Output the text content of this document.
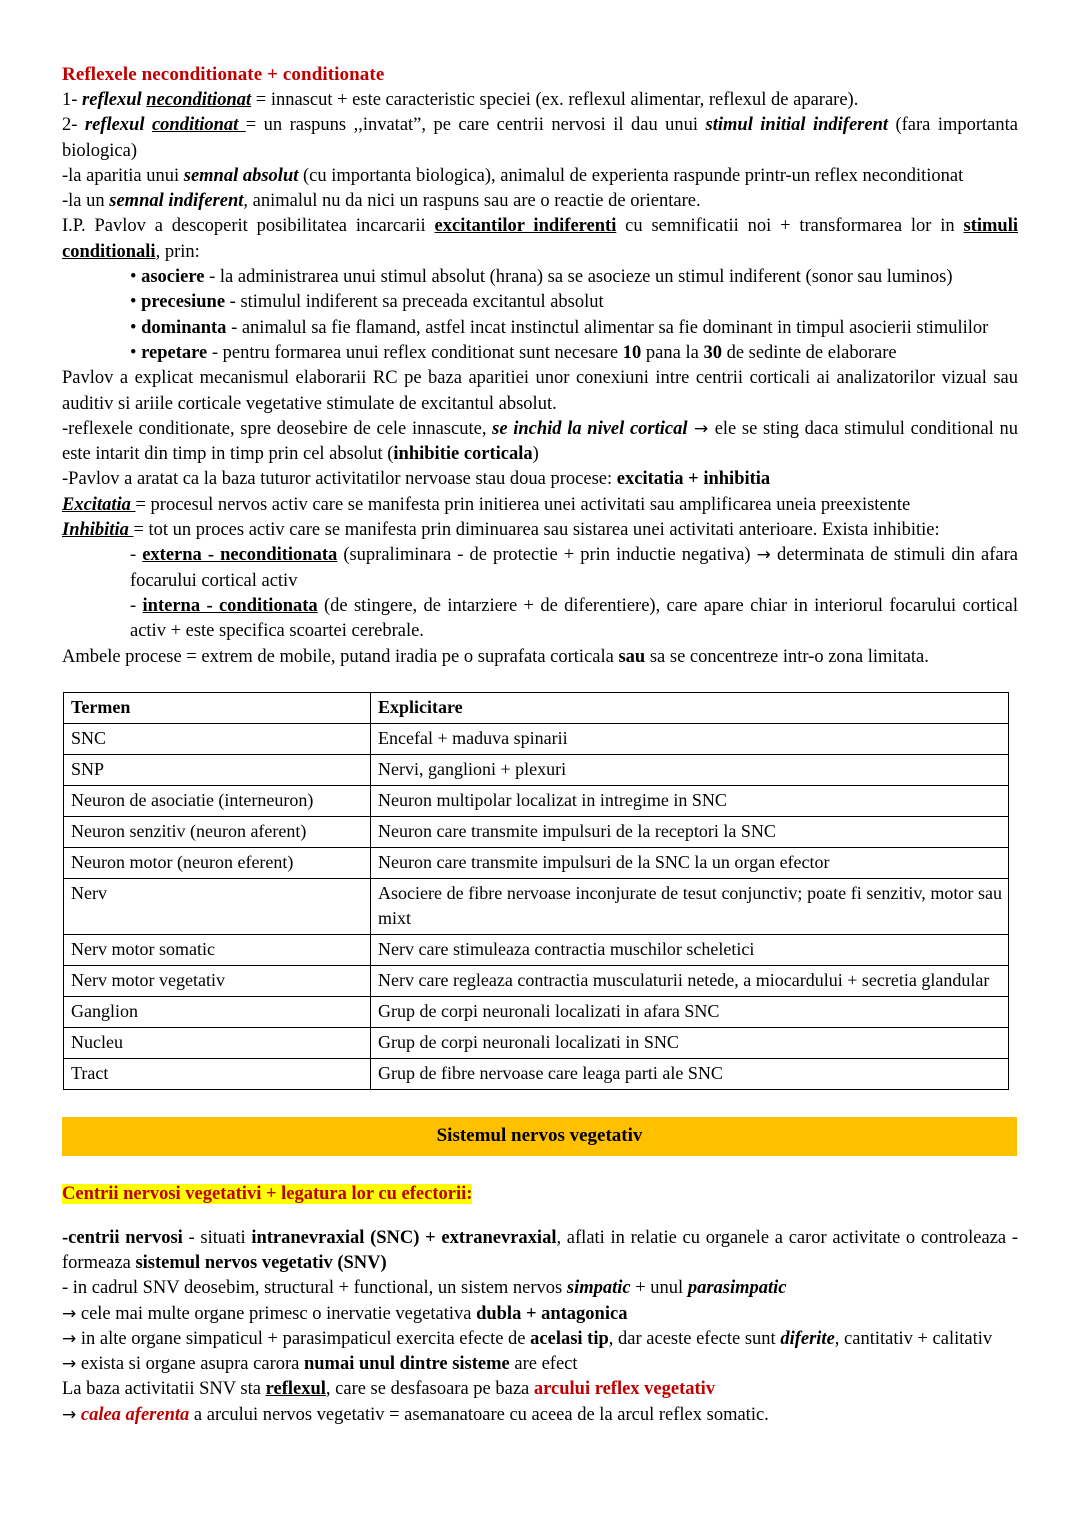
Reflexele neconditionate + conditionate

1- reflexul neconditionat = innascut + este caracteristic speciei (ex. reflexul alimentar, reflexul de aparare).

2- reflexul conditionat = un raspuns ,,invatat”, pe care centrii nervosi il dau unui stimul initial indiferent (fara importanta biologica)

-la aparitia unui semnal absolut (cu importanta biologica), animalul de experienta raspunde printr-un reflex neconditionat

-la un semnal indiferent, animalul nu da nici un raspuns sau are o reactie de orientare.

I.P. Pavlov a descoperit posibilitatea incarcarii excitantilor indiferenti cu semnificatii noi + transformarea lor in stimuli conditionali, prin:

• asociere - la administrarea unui stimul absolut (hrana) sa se asocieze un stimul indiferent (sonor sau luminos)

• precesiune - stimulul indiferent sa preceada excitantul absolut

• dominanta - animalul sa fie flamand, astfel incat instinctul alimentar sa fie dominant in timpul asocierii stimulilor

• repetare - pentru formarea unui reflex conditionat sunt necesare 10 pana la 30 de sedinte de elaborare

Pavlov a explicat mecanismul elaborarii RC pe baza aparitiei unor conexiuni intre centrii corticali ai analizatorilor vizual sau auditiv si ariile corticale vegetative stimulate de excitantul absolut.

-reflexele conditionate, spre deosebire de cele innascute, se inchid la nivel cortical → ele se sting daca stimulul conditional nu este intarit din timp in timp prin cel absolut (inhibitie corticala)

-Pavlov a aratat ca la baza tuturor activitatilor nervoase stau doua procese: excitatia + inhibitia

Excitatia = procesul nervos activ care se manifesta prin initierea unei activitati sau amplificarea uneia preexistente

Inhibitia = tot un proces activ care se manifesta prin diminuarea sau sistarea unei activitati anterioare. Exista inhibitie:

- externa - neconditionata (supraliminara - de protectie + prin inductie negativa) → determinata de stimuli din afara focarului cortical activ

- interna - conditionata (de stingere, de intarziere + de diferentiere), care apare chiar in interiorul focarului cortical activ + este specifica scoartei cerebrale.

Ambele procese = extrem de mobile, putand iradia pe o suprafata corticala sau sa se concentreze intr-o zona limitata.

Termen	Explicitare
SNC	Encefal + maduva spinarii
SNP	Nervi, ganglioni + plexuri
Neuron de asociatie (interneuron)	Neuron multipolar localizat in intregime in SNC
Neuron senzitiv (neuron aferent)	Neuron care transmite impulsuri de la receptori la SNC
Neuron motor (neuron eferent)	Neuron care transmite impulsuri de la SNC la un organ efector
Nerv	Asociere de fibre nervoase inconjurate de tesut conjunctiv; poate fi senzitiv, motor sau mixt
Nerv motor somatic	Nerv care stimuleaza contractia muschilor scheletici
Nerv motor vegetativ	Nerv care regleaza contractia musculaturii netede, a miocardului + secretia glandular
Ganglion	Grup de corpi neuronali localizati in afara SNC
Nucleu	Grup de corpi neuronali localizati in SNC
Tract	Grup de fibre nervoase care leaga parti ale SNC
Sistemul nervos vegetativ

Centrii nervosi vegetativi + legatura lor cu efectorii:

-centrii nervosi - situati intranevraxial (SNC) + extranevraxial, aflati in relatie cu organele a caror activitate o controleaza - formeaza sistemul nervos vegetativ (SNV)

- in cadrul SNV deosebim, structural + functional, un sistem nervos simpatic + unul parasimpatic

→ cele mai multe organe primesc o inervatie vegetativa dubla + antagonica

→ in alte organe simpaticul + parasimpaticul exercita efecte de acelasi tip, dar aceste efecte sunt diferite, cantitativ + calitativ

→ exista si organe asupra carora numai unul dintre sisteme are efect

La baza activitatii SNV sta reflexul, care se desfasoara pe baza arcului reflex vegetativ

→ calea aferenta a arcului nervos vegetativ = asemanatoare cu aceea de la arcul reflex somatic.
